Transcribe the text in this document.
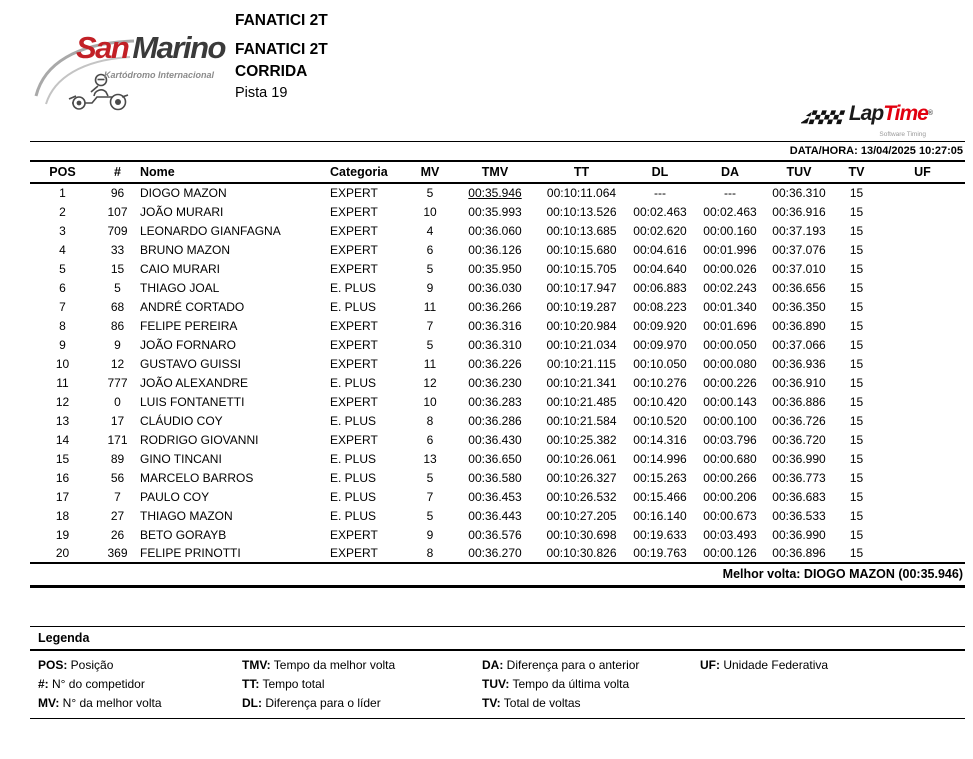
San Marino
Kartódromo Internacional
FANATICI 2T
FANATICI 2T
CORRIDA
Pista 19
LapTime®
Software Timing
DATA/HORA: 13/04/2025 10:27:05
POS	#	Nome	Categoria	MV	TMV	TT	DL	DA	TUV	TV	UF
1	96	DIOGO MAZON	EXPERT	5	00:35.946	00:10:11.064	---	---	00:36.310	15	
2	107	JOÃO MURARI	EXPERT	10	00:35.993	00:10:13.526	00:02.463	00:02.463	00:36.916	15	
3	709	LEONARDO GIANFAGNA	EXPERT	4	00:36.060	00:10:13.685	00:02.620	00:00.160	00:37.193	15	
4	33	BRUNO MAZON	EXPERT	6	00:36.126	00:10:15.680	00:04.616	00:01.996	00:37.076	15	
5	15	CAIO MURARI	EXPERT	5	00:35.950	00:10:15.705	00:04.640	00:00.026	00:37.010	15	
6	5	THIAGO JOAL	E. PLUS	9	00:36.030	00:10:17.947	00:06.883	00:02.243	00:36.656	15	
7	68	ANDRÉ CORTADO	E. PLUS	11	00:36.266	00:10:19.287	00:08.223	00:01.340	00:36.350	15	
8	86	FELIPE PEREIRA	EXPERT	7	00:36.316	00:10:20.984	00:09.920	00:01.696	00:36.890	15	
9	9	JOÃO FORNARO	EXPERT	5	00:36.310	00:10:21.034	00:09.970	00:00.050	00:37.066	15	
10	12	GUSTAVO GUISSI	EXPERT	11	00:36.226	00:10:21.115	00:10.050	00:00.080	00:36.936	15	
11	777	JOÃO ALEXANDRE	E. PLUS	12	00:36.230	00:10:21.341	00:10.276	00:00.226	00:36.910	15	
12	0	LUIS FONTANETTI	EXPERT	10	00:36.283	00:10:21.485	00:10.420	00:00.143	00:36.886	15	
13	17	CLÁUDIO COY	E. PLUS	8	00:36.286	00:10:21.584	00:10.520	00:00.100	00:36.726	15	
14	171	RODRIGO GIOVANNI	EXPERT	6	00:36.430	00:10:25.382	00:14.316	00:03.796	00:36.720	15	
15	89	GINO TINCANI	E. PLUS	13	00:36.650	00:10:26.061	00:14.996	00:00.680	00:36.990	15	
16	56	MARCELO BARROS	E. PLUS	5	00:36.580	00:10:26.327	00:15.263	00:00.266	00:36.773	15	
17	7	PAULO COY	E. PLUS	7	00:36.453	00:10:26.532	00:15.466	00:00.206	00:36.683	15	
18	27	THIAGO MAZON	E. PLUS	5	00:36.443	00:10:27.205	00:16.140	00:00.673	00:36.533	15	
19	26	BETO GORAYB	EXPERT	9	00:36.576	00:10:30.698	00:19.633	00:03.493	00:36.990	15	
20	369	FELIPE PRINOTTI	EXPERT	8	00:36.270	00:10:30.826	00:19.763	00:00.126	00:36.896	15	
Melhor volta: DIOGO MAZON (00:35.946)
Legenda
POS: Posição
#: N° do competidor
MV: N° da melhor volta
TMV: Tempo da melhor volta
TT: Tempo total
DL: Diferença para o líder
DA: Diferença para o anterior
TUV: Tempo da última volta
TV: Total de voltas
UF: Unidade Federativa
